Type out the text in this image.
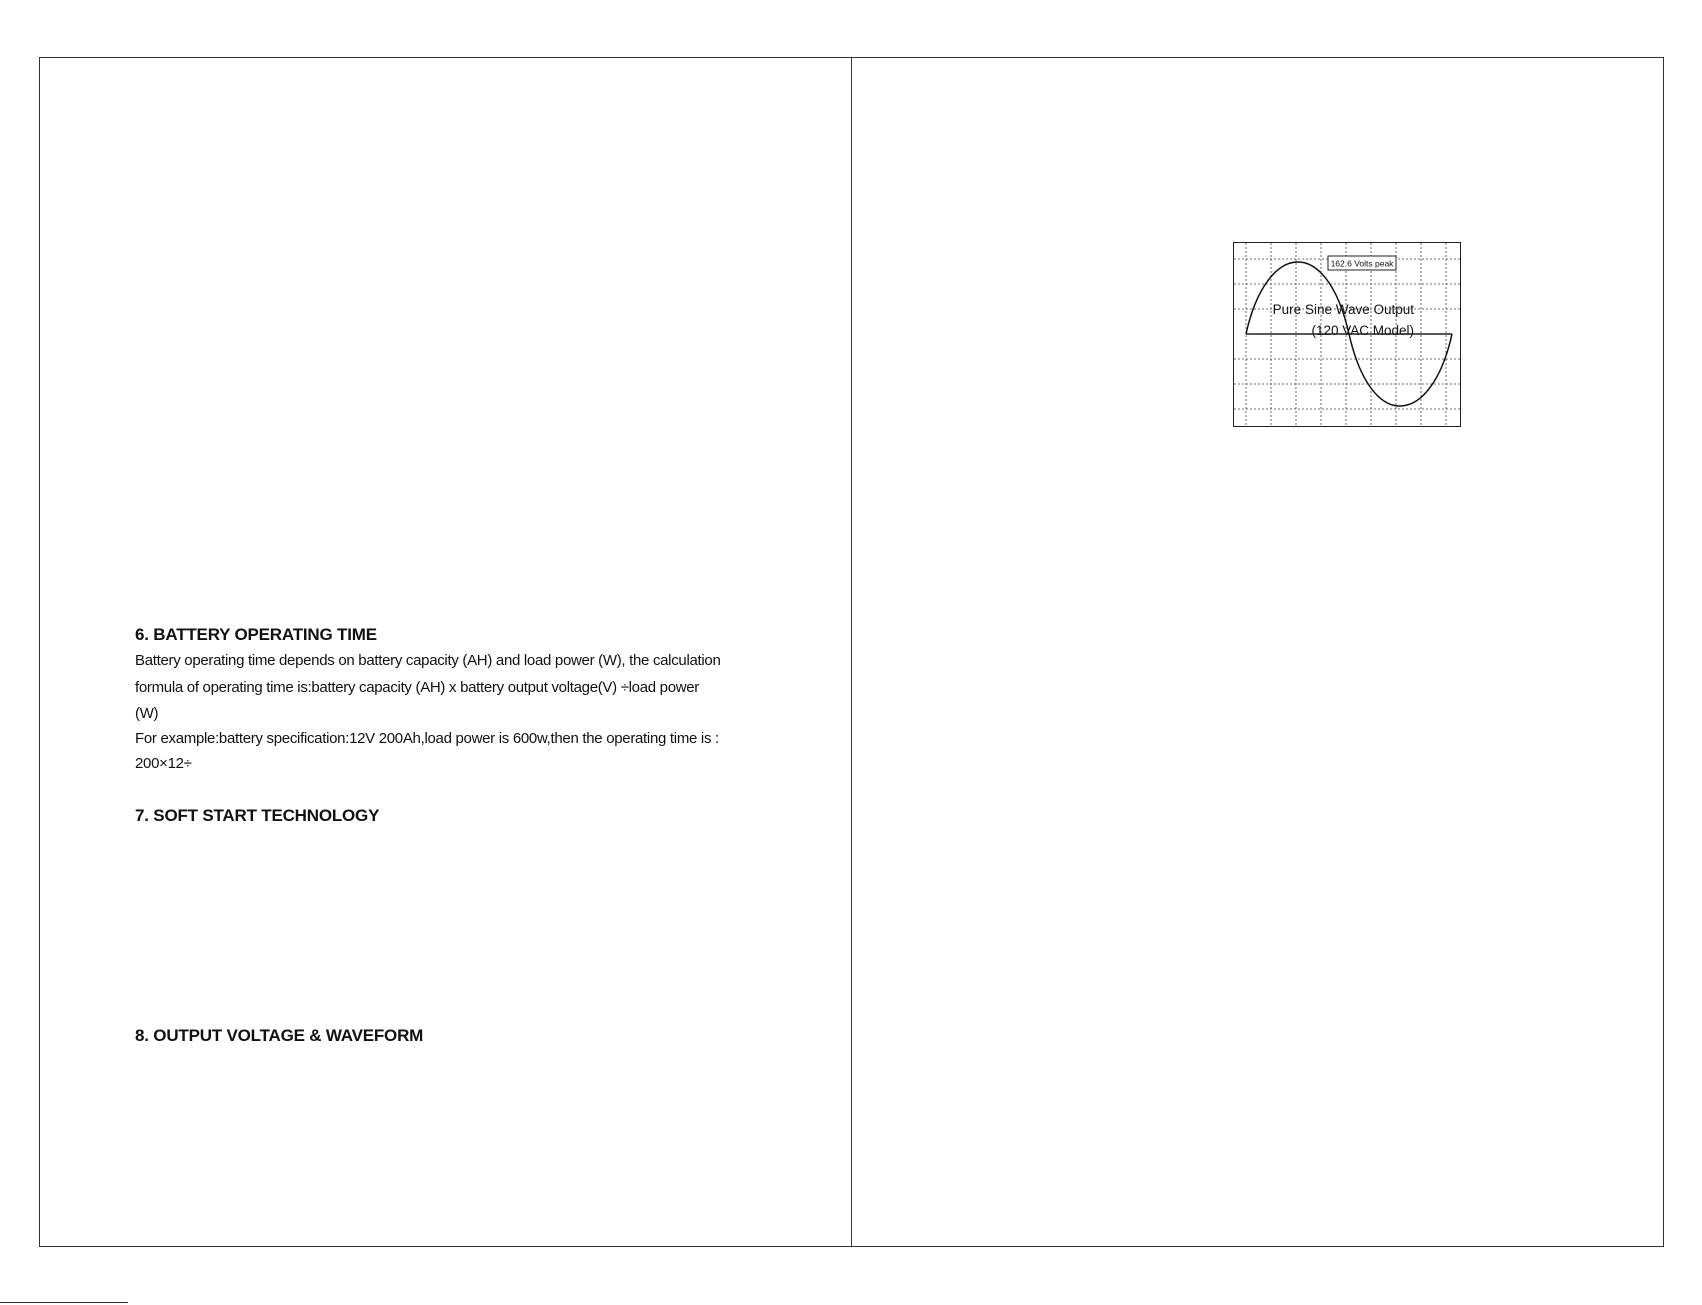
6. BATTERY OPERATING TIME

Battery operating time depends on battery capacity (AH) and load power (W), the calculation

formula of operating time is:battery capacity (AH) x battery output voltage(V) ÷load power

(W)

For example:battery specification:12V 200Ah,load power is 600w,then the operating time is :

200×12÷

7. SOFT START TECHNOLOGY
8. OUTPUT VOLTAGE & WAVEFORM
Pure Sine Wave Output
(120 VAC Model)
162.6 Volts peak
